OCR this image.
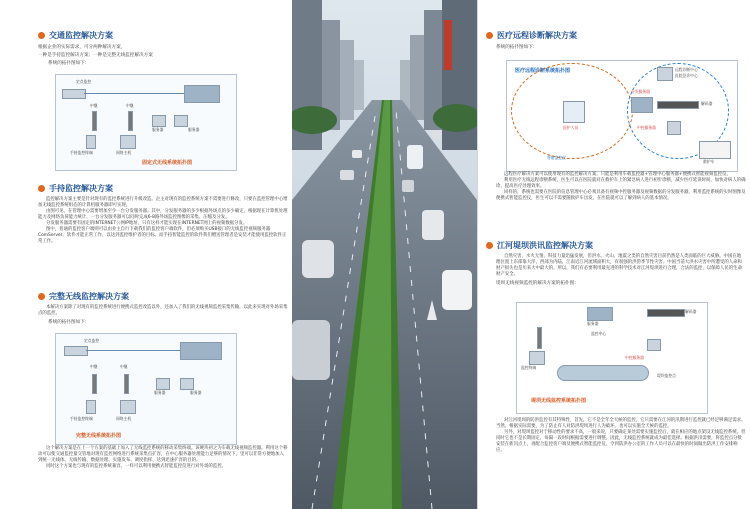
交通监控解决方案

根据企业的实际需求，可分两种解决方案，

一种是手持监控解决方案；一种是完整无线监控解决方案

系统的拓扑图如下：

定点监控
中继	中继
服务器	服务器
手持监控终端	网络主机
固定式无线系统拓扑图
手持监控解决方案

监控解决方案主要是针对现有的监控系统进行升级改造。企主对现有的监控系统方案不需要进行修改，只要在监控管理中心增加无线监控系统组态的计算机服务器即可实现。

由图可见，在管理中心需要增加至少一台分发服务器。其中，分发服务器的多少根据外场点的多少确定，根据现在计算机处理能力及网络负荷能力统计，一台分发服务器可以同时完成6-8路外场监控图像的采集、压缩及分发。

分发服务器需要有固定的INTERNET公网IP地址，只有这样才能实现在INTERNET网上的视频数据分发。

图中，普通的监控客户端则可以由业主自行下载我们的监控客户端软件，但必须购买USB接口的无线监控视频服务器ComServer、软件才能正常工作，以达到监控维护者的目标。而手持智能监控的软件我们赠送管理者是安装才能使用监控软件正常工作。

完整无线监控解决方案

本解决方案除了对现有的监控系统进行便携式监控改造以外，还加入了我们的无线视频监控采集传输，以此来实现对外场采集点的监控。

系统的拓扑图如下：

定点监控
中继	中继
服务器	服务器
手持监控终端	网络主机
完整无线系统拓扑图

这个解决方案是在上一个方案的基础上加入了无线监控系统的移动采集终端。该硬块初之为车载无线视频监控器。利用这个移动可以使交通监控量交管地对现有监控网络进行系统采集点扩容，在中心服务器处理能力足够的情况下，里可以非常方便地加入到统一无线体、无线传输、数据处理、实施发布、调度指挥、达到迅速扩容的目的。

同时这个方案也与现有的监控系统兼容，一样可以利用便携式智能监控仪进行对外场的监控。

医疗远程诊断解决方案

系统的拓扑图如下：

医疗远程诊断系统拓扑图	远程诊断中心
医院急诊中心
分发服务器
解码器
中控服务器
救护车
医护人员
智能监控仪

远程医疗解决方案可以使用现有的监控解决方案，只能是利用车载监控器+管理中心服务器+便携式智能视频监控仪。

利用医疗无线远程诊断系统，医生可以在医院就对在救护车上的紧急病人进行初步诊断，减少医疗延误时间，加快对病人的确诊，提高医疗处理效率。

同样的，系统也需要在医院的信息管理中心必须具备有视频中控服务器及视频数据的分发服务器，利用监控系统的实时图像及便携式智能监控仪，医生可以不需要随救护车出发，在医院就可以了解到病人的基本情况。

江河堤坝洪讯监控解决方案

自然灾害，水火无情，科技力量迅猛发展，但洪水、火山、地震之类的自然灾害目前仍然是人类面临的巨大威胁。中国在地理位置上东部靠大洋，西部为内陆，江南近江河流域面积大，有很强的洪涝季节性灾害。中国当前大洪水灾害中所遭受的人命和财产损失也是历来大中最大的。所以，我们有必要利用最先进的科学技术对江河堤坝进行合理，合法的监控，以保障人民的生命财产安全。

堤坝无线视频监控的解决方案的拓扑图：

服务器
解码器
监控中心
中控服务器
监控终端
堤坝监控点
堤坝无线监控系统拓扑图

对江河堤坝的防洪监控有其特殊性，首先，它不是全年全天候的监控，它只需要在江河的汛期进行监控就已经足够满足需求。当然，根据实际需要，为了防止有人对防洪堤坝进行人为破坏，也可以实施全天候的监控。

另外，对堤坝监控对于移动性的要求不高，一般来说，只要确定某处需要实施监控后，就在相应的地点架设无线监控系统。但同时它也不是长期固定，每隔一段时间根据需要进行调整，因此，无线监控系统就成为最佳选择。根据洪汛需要，将监控点分批安装在新汛点上，再配合监控客户端及便携式智能监控仪，令到防洪办公室的工作人员可以在最快的时间做出防洪工作安排响应。
